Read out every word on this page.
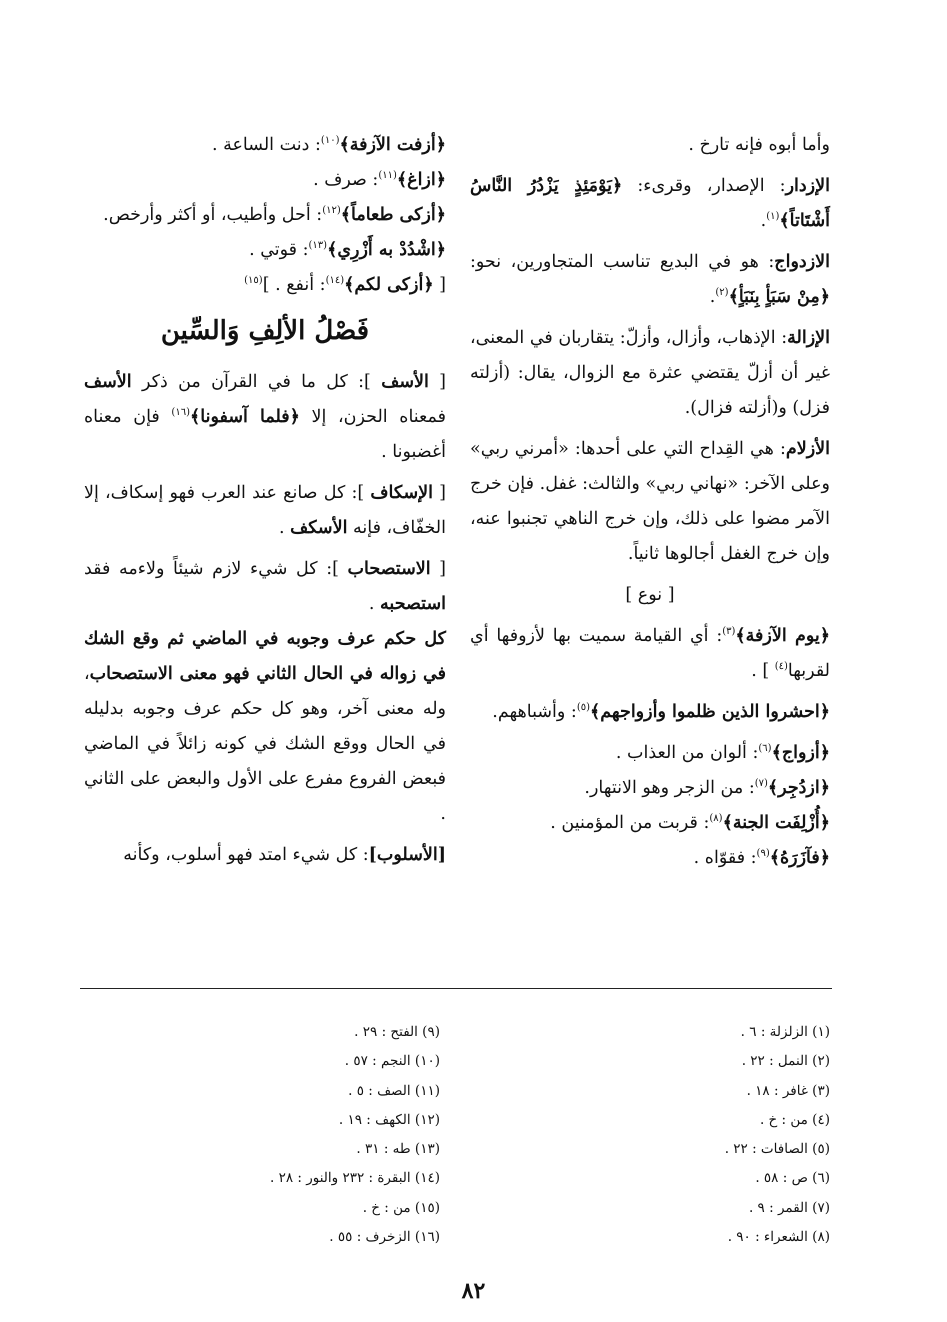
وأما أبوه فإنه تارخ .
الإزدار: الإصدار، وقرىء: ﴿يَوْمَئِذٍ يَزْدُرُ النَّاسُ أَشْتَاتاً﴾$^{(١)}$.
الازدواج: هو في البديع تناسب المتجاورين، نحو: ﴿مِنْ سَبَأٍ بِنَبَأٍ﴾$^{(٢)}$.
الإزالة: الإذهاب، وأزال، وأزلّ: يتقاربان في المعنى، غير أن أزلّ يقتضي عثرة مع الزوال، يقال: (أزلته فزل) و(أزلته فزال).
الأزلام: هي القِداح التي على أحدها: «أمرني ربي» وعلى الآخر: «نهاني ربي» والثالث: غفل. فإن خرج الآمر مضوا على ذلك، وإن خرج الناهي تجنبوا عنه، وإن خرج الغفل أجالوها ثانياً.
[ نوع ]
﴿يوم الآزفة﴾$^{(٣)}$: أي القيامة سميت بها لأزوفها أي لقربها$^{(٤)}$ ] .
﴿احشروا الذين ظلموا وأزواجهم﴾$^{(٥)}$: وأشباههم.
﴿أزواج﴾$^{(٦)}$: ألوان من العذاب .
﴿ازدُجِر﴾$^{(٧)}$: من الزجر وهو الانتهار.
﴿أُزْلِفَت الجنة﴾$^{(٨)}$: قربت من المؤمنين .
﴿فآزَرَهُ﴾$^{(٩)}$: فقوّاه .
﴿أزفت الآزفة﴾$^{(١٠)}$: دنت الساعة .
﴿ازاغ﴾$^{(١١)}$: صرف .
﴿أزكى طعاماً﴾$^{(١٢)}$: أحل وأطيب، أو أكثر وأرخص.
﴿اشْدُدْ به أَزْرِي﴾$^{(١٣)}$: قوتي .
[ ﴿أزكى لكم﴾$^{(١٤)}$: أنفع . ]$^{(١٥)}$
فَصْلُ الألِفِ وَالسِّين
[ الأسف ]: كل ما في القرآن من ذكر الأسف فمعناه الحزن، إلا ﴿فلما آسفونا﴾$^{(١٦)}$ فإن معناه أغضبونا .
[ الإسكاف ]: كل صانع عند العرب فهو إسكاف، إلا الخفّاف، فإنه الأسكف .
[ الاستصحاب ]: كل شيء لازم شيئاً ولاءمه فقد استصحبه .
كل حكم عرف وجوبه في الماضي ثم وقع الشك في زواله في الحال الثاني فهو معنى الاستصحاب، وله معنى آخر، وهو كل حكم عرف وجوبه بدليله في الحال ووقع الشك في كونه زائلاً في الماضي فبعض الفروع مفرع على الأول والبعض على الثاني .
[الأسلوب]: كل شيء امتد فهو أسلوب، وكأنه
(١) الزلزلة : ٦ .
(٢) النمل : ٢٢ .
(٣) غافر : ١٨ .
(٤) من : خ .
(٥) الصافات : ٢٢ .
(٦) ص : ٥٨ .
(٧) القمر : ٩ .
(٨) الشعراء : ٩٠ .
(٩) الفتح : ٢٩ .
(١٠) النجم : ٥٧ .
(١١) الصف : ٥ .
(١٢) الكهف : ١٩ .
(١٣) طه : ٣١ .
(١٤) البقرة : ٢٣٢ والنور : ٢٨ .
(١٥) من : خ .
(١٦) الزخرف : ٥٥ .
٨٢
